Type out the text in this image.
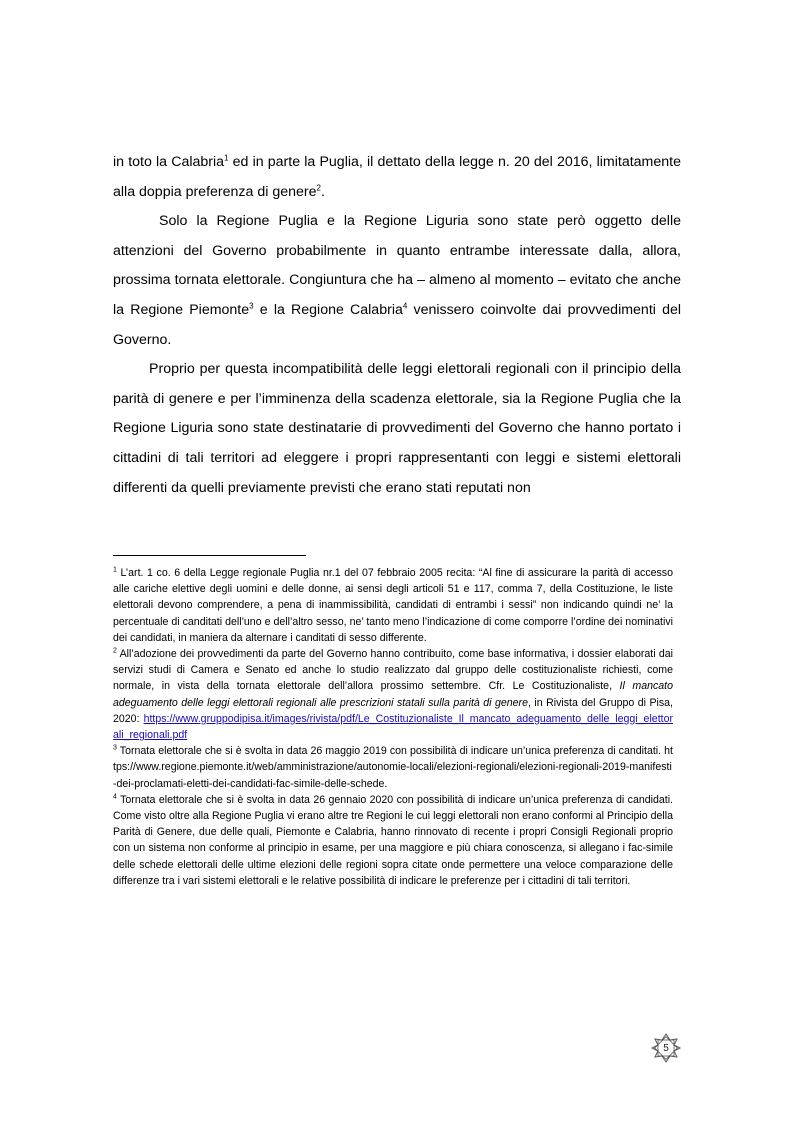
in toto la Calabria$^1$ ed in parte la Puglia, il dettato della legge n. 20 del 2016, limitatamente alla doppia preferenza di genere$^2$.

Solo la Regione Puglia e la Regione Liguria sono state però oggetto delle attenzioni del Governo probabilmente in quanto entrambe interessate dalla, allora, prossima tornata elettorale. Congiuntura che ha – almeno al momento – evitato che anche la Regione Piemonte$^3$ e la Regione Calabria$^4$ venissero coinvolte dai provvedimenti del Governo.

Proprio per questa incompatibilità delle leggi elettorali regionali con il principio della parità di genere e per l’imminenza della scadenza elettorale, sia la Regione Puglia che la Regione Liguria sono state destinatarie di provvedimenti del Governo che hanno portato i cittadini di tali territori ad eleggere i propri rappresentanti con leggi e sistemi elettorali differenti da quelli previamente previsti che erano stati reputati non

$^1$ L’art. 1 co. 6 della Legge regionale Puglia nr.1 del 07 febbraio 2005 recita: “Al fine di assicurare la parità di accesso alle cariche elettive degli uomini e delle donne, ai sensi degli articoli 51 e 117, comma 7, della Costituzione, le liste elettorali devono comprendere, a pena di inammissibilità, candidati di entrambi i sessi” non indicando quindi ne’ la percentuale di canditati dell’uno e dell’altro sesso, ne’ tanto meno l’indicazione di come comporre l’ordine dei nominativi dei candidati, in maniera da alternare i canditati di sesso differente.

$^2$ All’adozione dei provvedimenti da parte del Governo hanno contribuito, come base informativa, i dossier elaborati dai servizi studi di Camera e Senato ed anche lo studio realizzato dal gruppo delle costituzionaliste richiesti, come normale, in vista della tornata elettorale dell’allora prossimo settembre. Cfr. Le Costituzionaliste, Il mancato adeguamento delle leggi elettorali regionali alle prescrizioni statali sulla parità di genere, in Rivista del Gruppo di Pisa, 2020: https://www.gruppodipisa.it/images/rivista/pdf/Le_Costituzionaliste_Il_mancato_adeguamento_delle_leggi_elettorali_regionali.pdf

$^3$ Tornata elettorale che si è svolta in data 26 maggio 2019 con possibilità di indicare un’unica preferenza di canditati. https://www.regione.piemonte.it/web/amministrazione/autonomie-locali/elezioni-regionali/elezioni-regionali-2019-manifesti-dei-proclamati-eletti-dei-candidati-fac-simile-delle-schede.

$^4$ Tornata elettorale che si è svolta in data 26 gennaio 2020 con possibilità di indicare un’unica preferenza di candidati. Come visto oltre alla Regione Puglia vi erano altre tre Regioni le cui leggi elettorali non erano conformi al Principio della Parità di Genere, due delle quali, Piemonte e Calabria, hanno rinnovato di recente i propri Consigli Regionali proprio con un sistema non conforme al principio in esame, per una maggiore e più chiara conoscenza, si allegano i fac-simile delle schede elettorali delle ultime elezioni delle regioni sopra citate onde permettere una veloce comparazione delle differenze tra i vari sistemi elettorali e le relative possibilità di indicare le preferenze per i cittadini di tali territori.

5
